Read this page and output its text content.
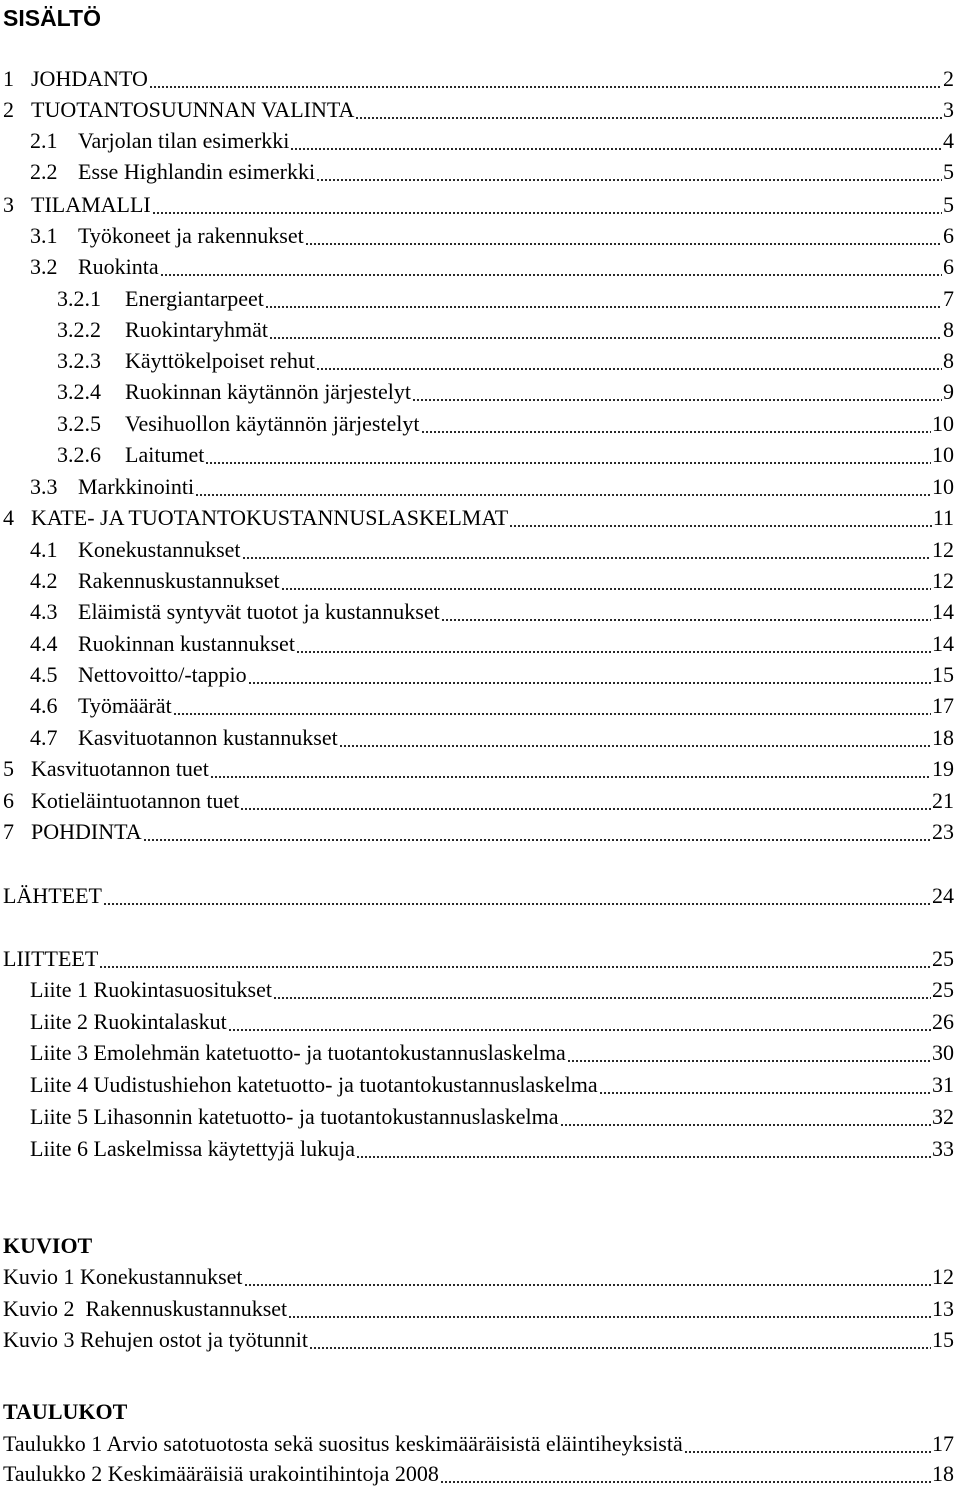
SISÄLTÖ
1 JOHDANTO	2
2 TUOTANTOSUUNNAN VALINTA	3
2.1 Varjolan tilan esimerkki	4
2.2 Esse Highlandin esimerkki	5
3 TILAMALLI	5
3.1 Työkoneet ja rakennukset	6
3.2 Ruokinta	6
3.2.1	Energiantarpeet	7
3.2.2	Ruokintaryhmät	8
3.2.3	Käyttökelpoiset rehut	8
3.2.4	Ruokinnan käytännön järjestelyt	9
3.2.5	Vesihuollon käytännön järjestelyt	10
3.2.6	Laitumet	10
3.3 Markkinointi	10
4 KATE- JA TUOTANTOKUSTANNUSLASKELMAT	11
4.1 Konekustannukset	12
4.2 Rakennuskustannukset	12
4.3 Eläimistä syntyvät tuotot ja kustannukset	14
4.4 Ruokinnan kustannukset	14
4.5 Nettovoitto/-tappio	15
4.6 Työmäärät	17
4.7 Kasvituotannon kustannukset	18
5 Kasvituotannon tuet	19
6 Kotieläintuotannon tuet	21
7 POHDINTA	23
LÄHTEET	24
LIITTEET	25
Liite 1 Ruokintasuositukset	25
Liite 2 Ruokintalaskut	26
Liite 3 Emolehmän katetuotto- ja tuotantokustannuslaskelma	30
Liite 4 Uudistushiehon katetuotto- ja tuotantokustannuslaskelma	31
Liite 5 Lihasonnin katetuotto- ja tuotantokustannuslaskelma	32
Liite 6 Laskelmissa käytettyjä lukuja	33
KUVIOT
Kuvio 1 Konekustannukset	12
Kuvio 2  Rakennuskustannukset	13
Kuvio 3 Rehujen ostot ja työtunnit	15
TAULUKOT
Taulukko 1 Arvio satotuotosta sekä suositus keskimääräisistä eläintiheyksistä	17
Taulukko 2 Keskimääräisiä urakointihintoja 2008	18
